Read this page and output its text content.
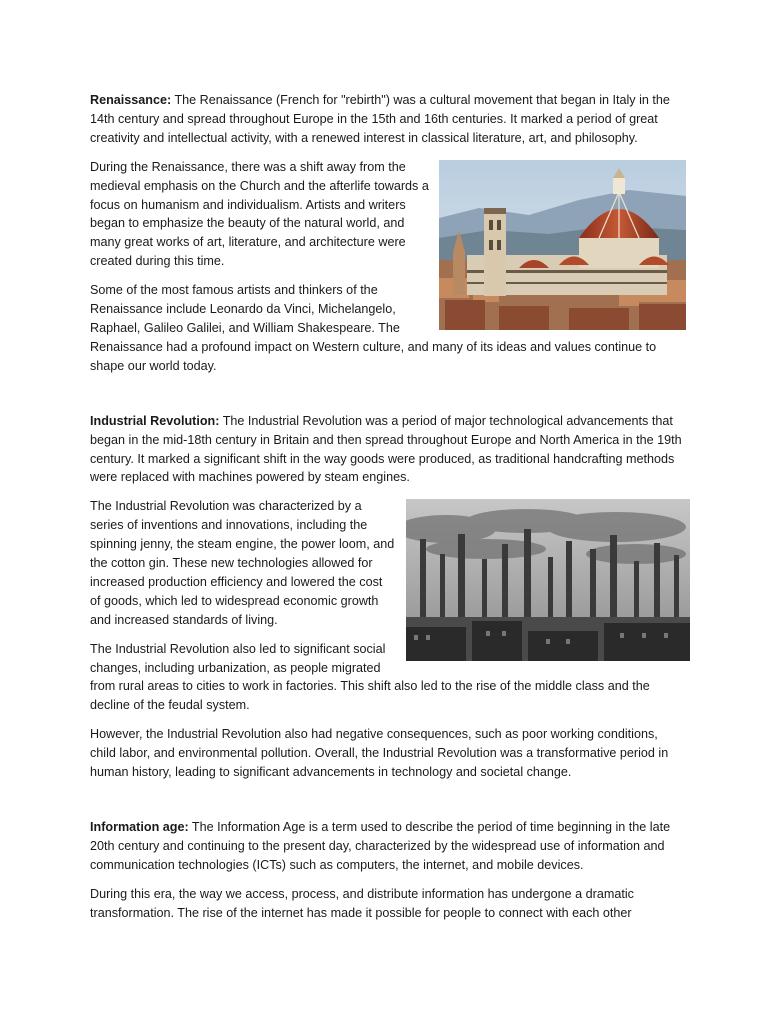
Renaissance: The Renaissance (French for "rebirth") was a cultural movement that began in Italy in the 14th century and spread throughout Europe in the 15th and 16th centuries. It marked a period of great creativity and intellectual activity, with a renewed interest in classical literature, art, and philosophy.

During the Renaissance, there was a shift away from the medieval emphasis on the Church and the afterlife towards a focus on humanism and individualism. Artists and writers began to emphasize the beauty of the natural world, and many great works of art, literature, and architecture were created during this time.

Some of the most famous artists and thinkers of the Renaissance include Leonardo da Vinci, Michelangelo, Raphael, Galileo Galilei, and William Shakespeare. The Renaissance had a profound impact on Western culture, and many of its ideas and values continue to shape our world today.

Industrial Revolution: The Industrial Revolution was a period of major technological advancements that began in the mid-18th century in Britain and then spread throughout Europe and North America in the 19th century. It marked a significant shift in the way goods were produced, as traditional handcrafting methods were replaced with machines powered by steam engines.

The Industrial Revolution was characterized by a series of inventions and innovations, including the spinning jenny, the steam engine, the power loom, and the cotton gin. These new technologies allowed for increased production efficiency and lowered the cost of goods, which led to widespread economic growth and increased standards of living.

The Industrial Revolution also led to significant social changes, including urbanization, as people migrated from rural areas to cities to work in factories. This shift also led to the rise of the middle class and the decline of the feudal system.

However, the Industrial Revolution also had negative consequences, such as poor working conditions, child labor, and environmental pollution. Overall, the Industrial Revolution was a transformative period in human history, leading to significant advancements in technology and societal change.

Information age: The Information Age is a term used to describe the period of time beginning in the late 20th century and continuing to the present day, characterized by the widespread use of information and communication technologies (ICTs) such as computers, the internet, and mobile devices.

During this era, the way we access, process, and distribute information has undergone a dramatic transformation. The rise of the internet has made it possible for people to connect with each other
